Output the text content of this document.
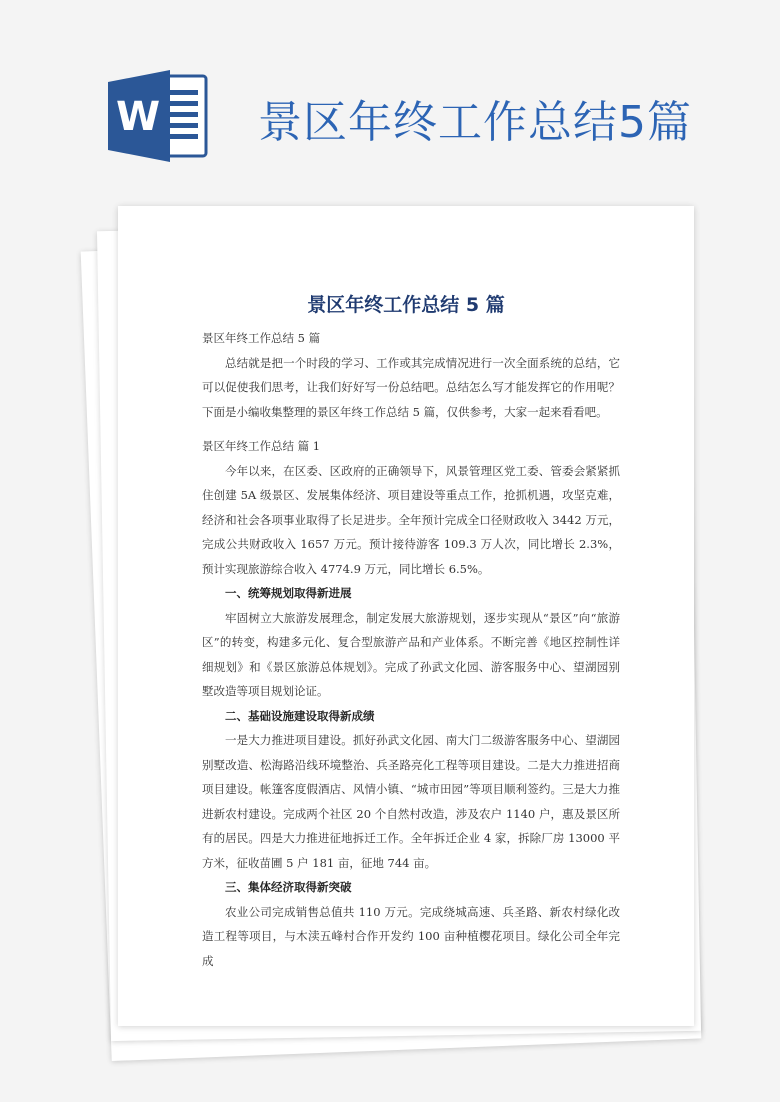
W 景区年终工作总结5篇
景区年终工作总结 5 篇

景区年终工作总结 5 篇

总结就是把一个时段的学习、工作或其完成情况进行一次全面系统的总结，它可以促使我们思考，让我们好好写一份总结吧。总结怎么写才能发挥它的作用呢？下面是小编收集整理的景区年终工作总结 5 篇，仅供参考，大家一起来看看吧。

景区年终工作总结 篇 1

今年以来，在区委、区政府的正确领导下，风景管理区党工委、管委会紧紧抓住创建 5A 级景区、发展集体经济、项目建设等重点工作，抢抓机遇，攻坚克难，经济和社会各项事业取得了长足进步。全年预计完成全口径财政收入 3442 万元，完成公共财政收入 1657 万元。预计接待游客 109.3 万人次，同比增长 2.3%，预计实现旅游综合收入 4774.9 万元，同比增长 6.5%。

一、统筹规划取得新进展

牢固树立大旅游发展理念，制定发展大旅游规划，逐步实现从“景区”向“旅游区”的转变，构建多元化、复合型旅游产品和产业体系。不断完善《地区控制性详细规划》和《景区旅游总体规划》。完成了孙武文化园、游客服务中心、望湖园别墅改造等项目规划论证。

二、基础设施建设取得新成绩

一是大力推进项目建设。抓好孙武文化园、南大门二级游客服务中心、望湖园别墅改造、松海路沿线环境整治、兵圣路亮化工程等项目建设。二是大力推进招商项目建设。帐篷客度假酒店、风情小镇、“城市田园”等项目顺利签约。三是大力推进新农村建设。完成两个社区 20 个自然村改造，涉及农户 1140 户，惠及景区所有的居民。四是大力推进征地拆迁工作。全年拆迁企业 4 家，拆除厂房 13000 平方米，征收苗圃 5 户 181 亩，征地 744 亩。

三、集体经济取得新突破

农业公司完成销售总值共 110 万元。完成绕城高速、兵圣路、新农村绿化改造工程等项目，与木渎五峰村合作开发约 100 亩种植樱花项目。绿化公司全年完成
